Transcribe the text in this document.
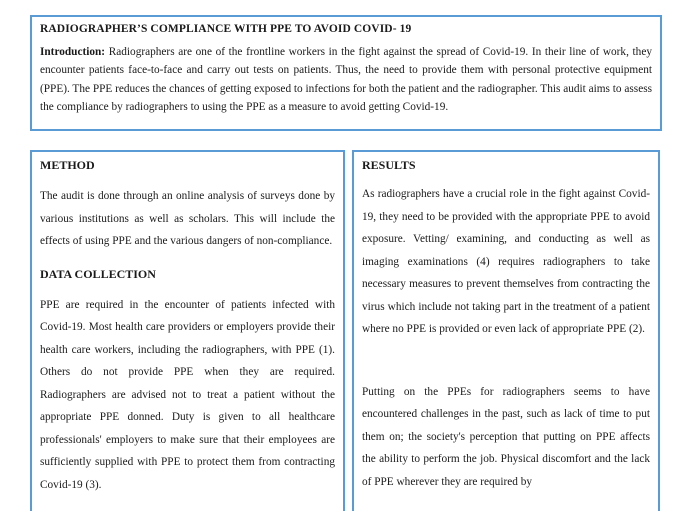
RADIOGRAPHER’S COMPLIANCE WITH PPE TO AVOID COVID- 19

Introduction: Radiographers are one of the frontline workers in the fight against the spread of Covid-19. In their line of work, they encounter patients face-to-face and carry out tests on patients. Thus, the need to provide them with personal protective equipment (PPE). The PPE reduces the chances of getting exposed to infections for both the patient and the radiographer. This audit aims to assess the compliance by radiographers to using the PPE as a measure to avoid getting Covid-19.

METHOD

The audit is done through an online analysis of surveys done by various institutions as well as scholars. This will include the effects of using PPE and the various dangers of non-compliance.

DATA COLLECTION

PPE are required in the encounter of patients infected with Covid-19. Most health care providers or employers provide their health care workers, including the radiographers, with PPE (1). Others do not provide PPE when they are required. Radiographers are advised not to treat a patient without the appropriate PPE donned. Duty is given to all healthcare professionals' employers to make sure that their employees are sufficiently supplied with PPE to protect them from contracting Covid-19 (3).

RESULTS

As radiographers have a crucial role in the fight against Covid-19, they need to be provided with the appropriate PPE to avoid exposure. Vetting/ examining, and conducting as well as imaging examinations (4) requires radiographers to take necessary measures to prevent themselves from contracting the virus which include not taking part in the treatment of a patient where no PPE is provided or even lack of appropriate PPE (2).

Putting on the PPEs for radiographers seems to have encountered challenges in the past, such as lack of time to put them on; the society's perception that putting on PPE affects the ability to perform the job. Physical discomfort and the lack of PPE wherever they are required by
